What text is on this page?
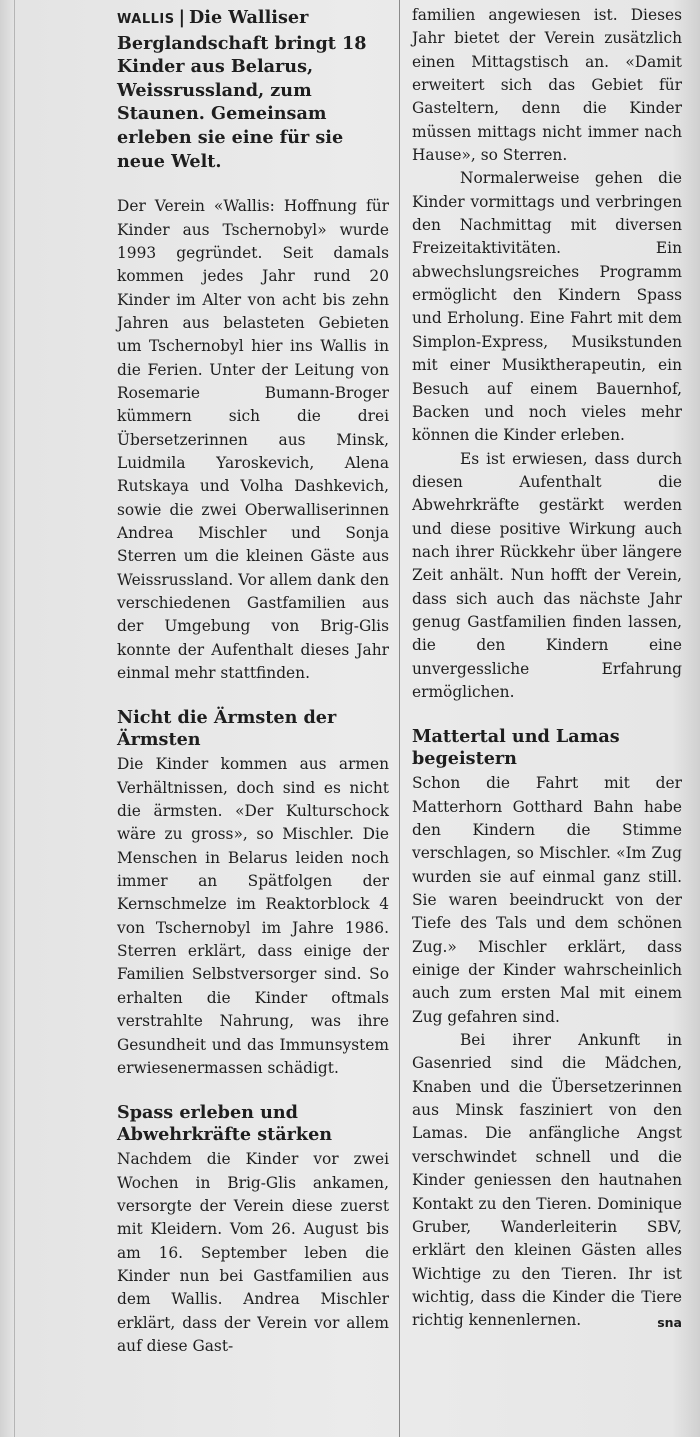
WALLIS | Die Walliser Berglandschaft bringt 18 Kinder aus Belarus, Weissrussland, zum Staunen. Gemeinsam erleben sie eine für sie neue Welt.

Der Verein «Wallis: Hoffnung für Kinder aus Tschernobyl» wurde 1993 gegründet. Seit damals kommen jedes Jahr rund 20 Kinder im Alter von acht bis zehn Jahren aus belasteten Gebieten um Tschernobyl hier ins Wallis in die Ferien. Unter der Leitung von Rosemarie Bumann-Broger kümmern sich die drei Übersetzerinnen aus Minsk, Luidmila Yaroskevich, Alena Rutskaya und Volha Dashkevich, sowie die zwei Oberwalliserinnen Andrea Mischler und Sonja Sterren um die kleinen Gäste aus Weissrussland. Vor allem dank den verschiedenen Gastfamilien aus der Umgebung von Brig-Glis konnte der Aufenthalt dieses Jahr einmal mehr stattfinden.

Nicht die Ärmsten der Ärmsten

Die Kinder kommen aus armen Verhältnissen, doch sind es nicht die ärmsten. «Der Kulturschock wäre zu gross», so Mischler. Die Menschen in Belarus leiden noch immer an Spätfolgen der Kernschmelze im Reaktorblock 4 von Tschernobyl im Jahre 1986. Sterren erklärt, dass einige der Familien Selbstversorger sind. So erhalten die Kinder oftmals verstrahlte Nahrung, was ihre Gesundheit und das Immunsystem erwiesenermassen schädigt.

Spass erleben und Abwehrkräfte stärken

Nachdem die Kinder vor zwei Wochen in Brig-Glis ankamen, versorgte der Verein diese zuerst mit Kleidern. Vom 26. August bis am 16. September leben die Kinder nun bei Gastfamilien aus dem Wallis. Andrea Mischler erklärt, dass der Verein vor allem auf diese Gast-

familien angewiesen ist. Dieses Jahr bietet der Verein zusätzlich einen Mittagstisch an. «Damit erweitert sich das Gebiet für Gasteltern, denn die Kinder müssen mittags nicht immer nach Hause», so Sterren.

Normalerweise gehen die Kinder vormittags und verbringen den Nachmittag mit diversen Freizeitaktivitäten. Ein abwechslungsreiches Programm ermöglicht den Kindern Spass und Erholung. Eine Fahrt mit dem Simplon-Express, Musikstunden mit einer Musiktherapeutin, ein Besuch auf einem Bauernhof, Backen und noch vieles mehr können die Kinder erleben.

Es ist erwiesen, dass durch diesen Aufenthalt die Abwehrkräfte gestärkt werden und diese positive Wirkung auch nach ihrer Rückkehr über längere Zeit anhält. Nun hofft der Verein, dass sich auch das nächste Jahr genug Gastfamilien finden lassen, die den Kindern eine unvergessliche Erfahrung ermöglichen.

Mattertal und Lamas begeistern

Schon die Fahrt mit der Matterhorn Gotthard Bahn habe den Kindern die Stimme verschlagen, so Mischler. «Im Zug wurden sie auf einmal ganz still. Sie waren beeindruckt von der Tiefe des Tals und dem schönen Zug.» Mischler erklärt, dass einige der Kinder wahrscheinlich auch zum ersten Mal mit einem Zug gefahren sind.

Bei ihrer Ankunft in Gasenried sind die Mädchen, Knaben und die Übersetzerinnen aus Minsk fasziniert von den Lamas. Die anfängliche Angst verschwindet schnell und die Kinder geniessen den hautnahen Kontakt zu den Tieren. Dominique Gruber, Wanderleiterin SBV, erklärt den kleinen Gästen alles Wichtige zu den Tieren. Ihr ist wichtig, dass die Kinder die Tiere richtig kennenlernen.	sna
